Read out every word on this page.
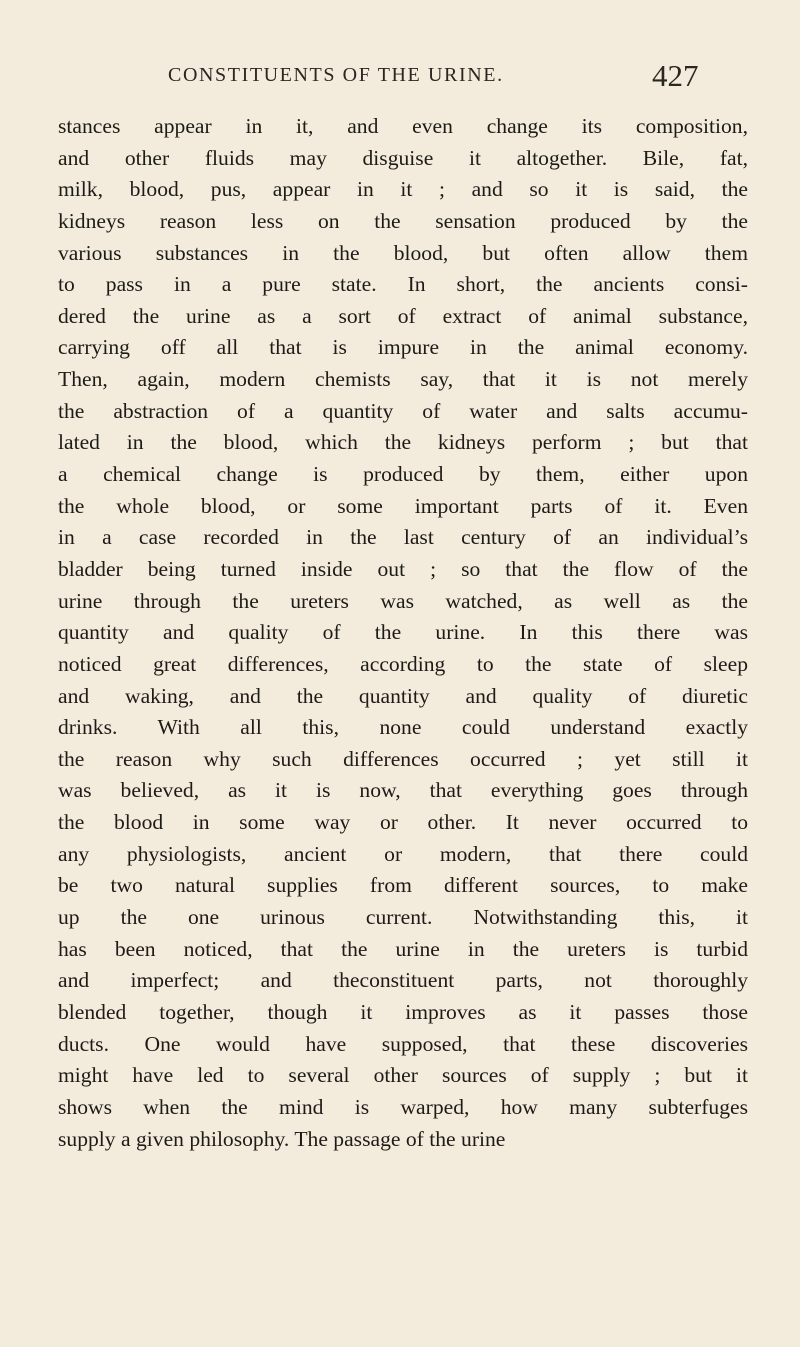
CONSTITUENTS OF THE URINE.	427
stances appear in it, and even change its composition,
and other fluids may disguise it altogether. Bile, fat,
milk, blood, pus, appear in it ; and so it is said, the
kidneys reason less on the sensation produced by the
various substances in the blood, but often allow them
to pass in a pure state. In short, the ancients consi-
dered the urine as a sort of extract of animal substance,
carrying off all that is impure in the animal economy.
Then, again, modern chemists say, that it is not merely
the abstraction of a quantity of water and salts accumu-
lated in the blood, which the kidneys perform ; but that
a chemical change is produced by them, either upon
the whole blood, or some important parts of it. Even
in a case recorded in the last century of an individual’s
bladder being turned inside out ; so that the flow of the
urine through the ureters was watched, as well as the
quantity and quality of the urine. In this there was
noticed great differences, according to the state of sleep
and waking, and the quantity and quality of diuretic
drinks. With all this, none could understand exactly
the reason why such differences occurred ; yet still it
was believed, as it is now, that everything goes through
the blood in some way or other. It never occurred to
any physiologists, ancient or modern, that there could
be two natural supplies from different sources, to make
up the one urinous current. Notwithstanding this, it
has been noticed, that the urine in the ureters is turbid
and imperfect; and theconstituent parts, not thoroughly
blended together, though it improves as it passes those
ducts. One would have supposed, that these discoveries
might have led to several other sources of supply ; but it
shows when the mind is warped, how many subterfuges
supply a given philosophy. The passage of the urine
